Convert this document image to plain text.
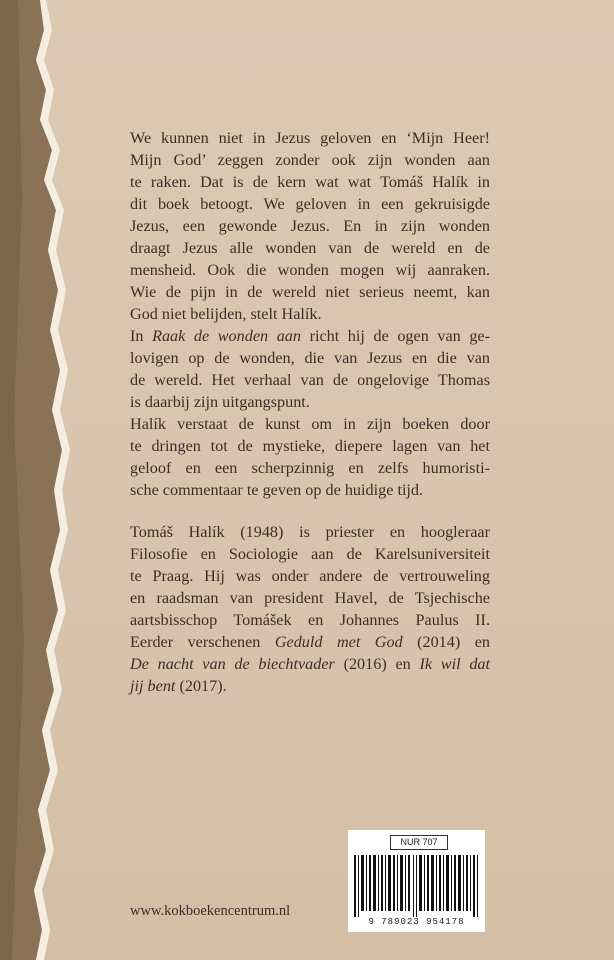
We kunnen niet in Jezus geloven en ‘Mijn Heer!
Mijn God’ zeggen zonder ook zijn wonden aan
te raken. Dat is de kern wat wat Tomáš Halík in
dit boek betoogt. We geloven in een gekruisigde
Jezus, een gewonde Jezus. En in zijn wonden
draagt Jezus alle wonden van de wereld en de
mensheid. Ook die wonden mogen wij aanraken.
Wie de pijn in de wereld niet serieus neemt, kan
God niet belijden, stelt Halík.

In Raak de wonden aan richt hij de ogen van ge-
lovigen op de wonden, die van Jezus en die van
de wereld. Het verhaal van de ongelovige Thomas
is daarbij zijn uitgangspunt.

Halík verstaat de kunst om in zijn boeken door
te dringen tot de mystieke, diepere lagen van het
geloof en een scherpzinnig en zelfs humoristi-
sche commentaar te geven op de huidige tijd.

Tomáš Halík (1948) is priester en hoogleraar
Filosofie en Sociologie aan de Karelsuniversiteit
te Praag. Hij was onder andere de vertrouweling
en raadsman van president Havel, de Tsjechische
aartsbisschop Tomášek en Johannes Paulus II.
Eerder verschenen Geduld met God (2014) en
De nacht van de biechtvader (2016) en Ik wil dat
jij bent (2017).

www.kokboekencentrum.nl
NUR 707
9 789023 954178
